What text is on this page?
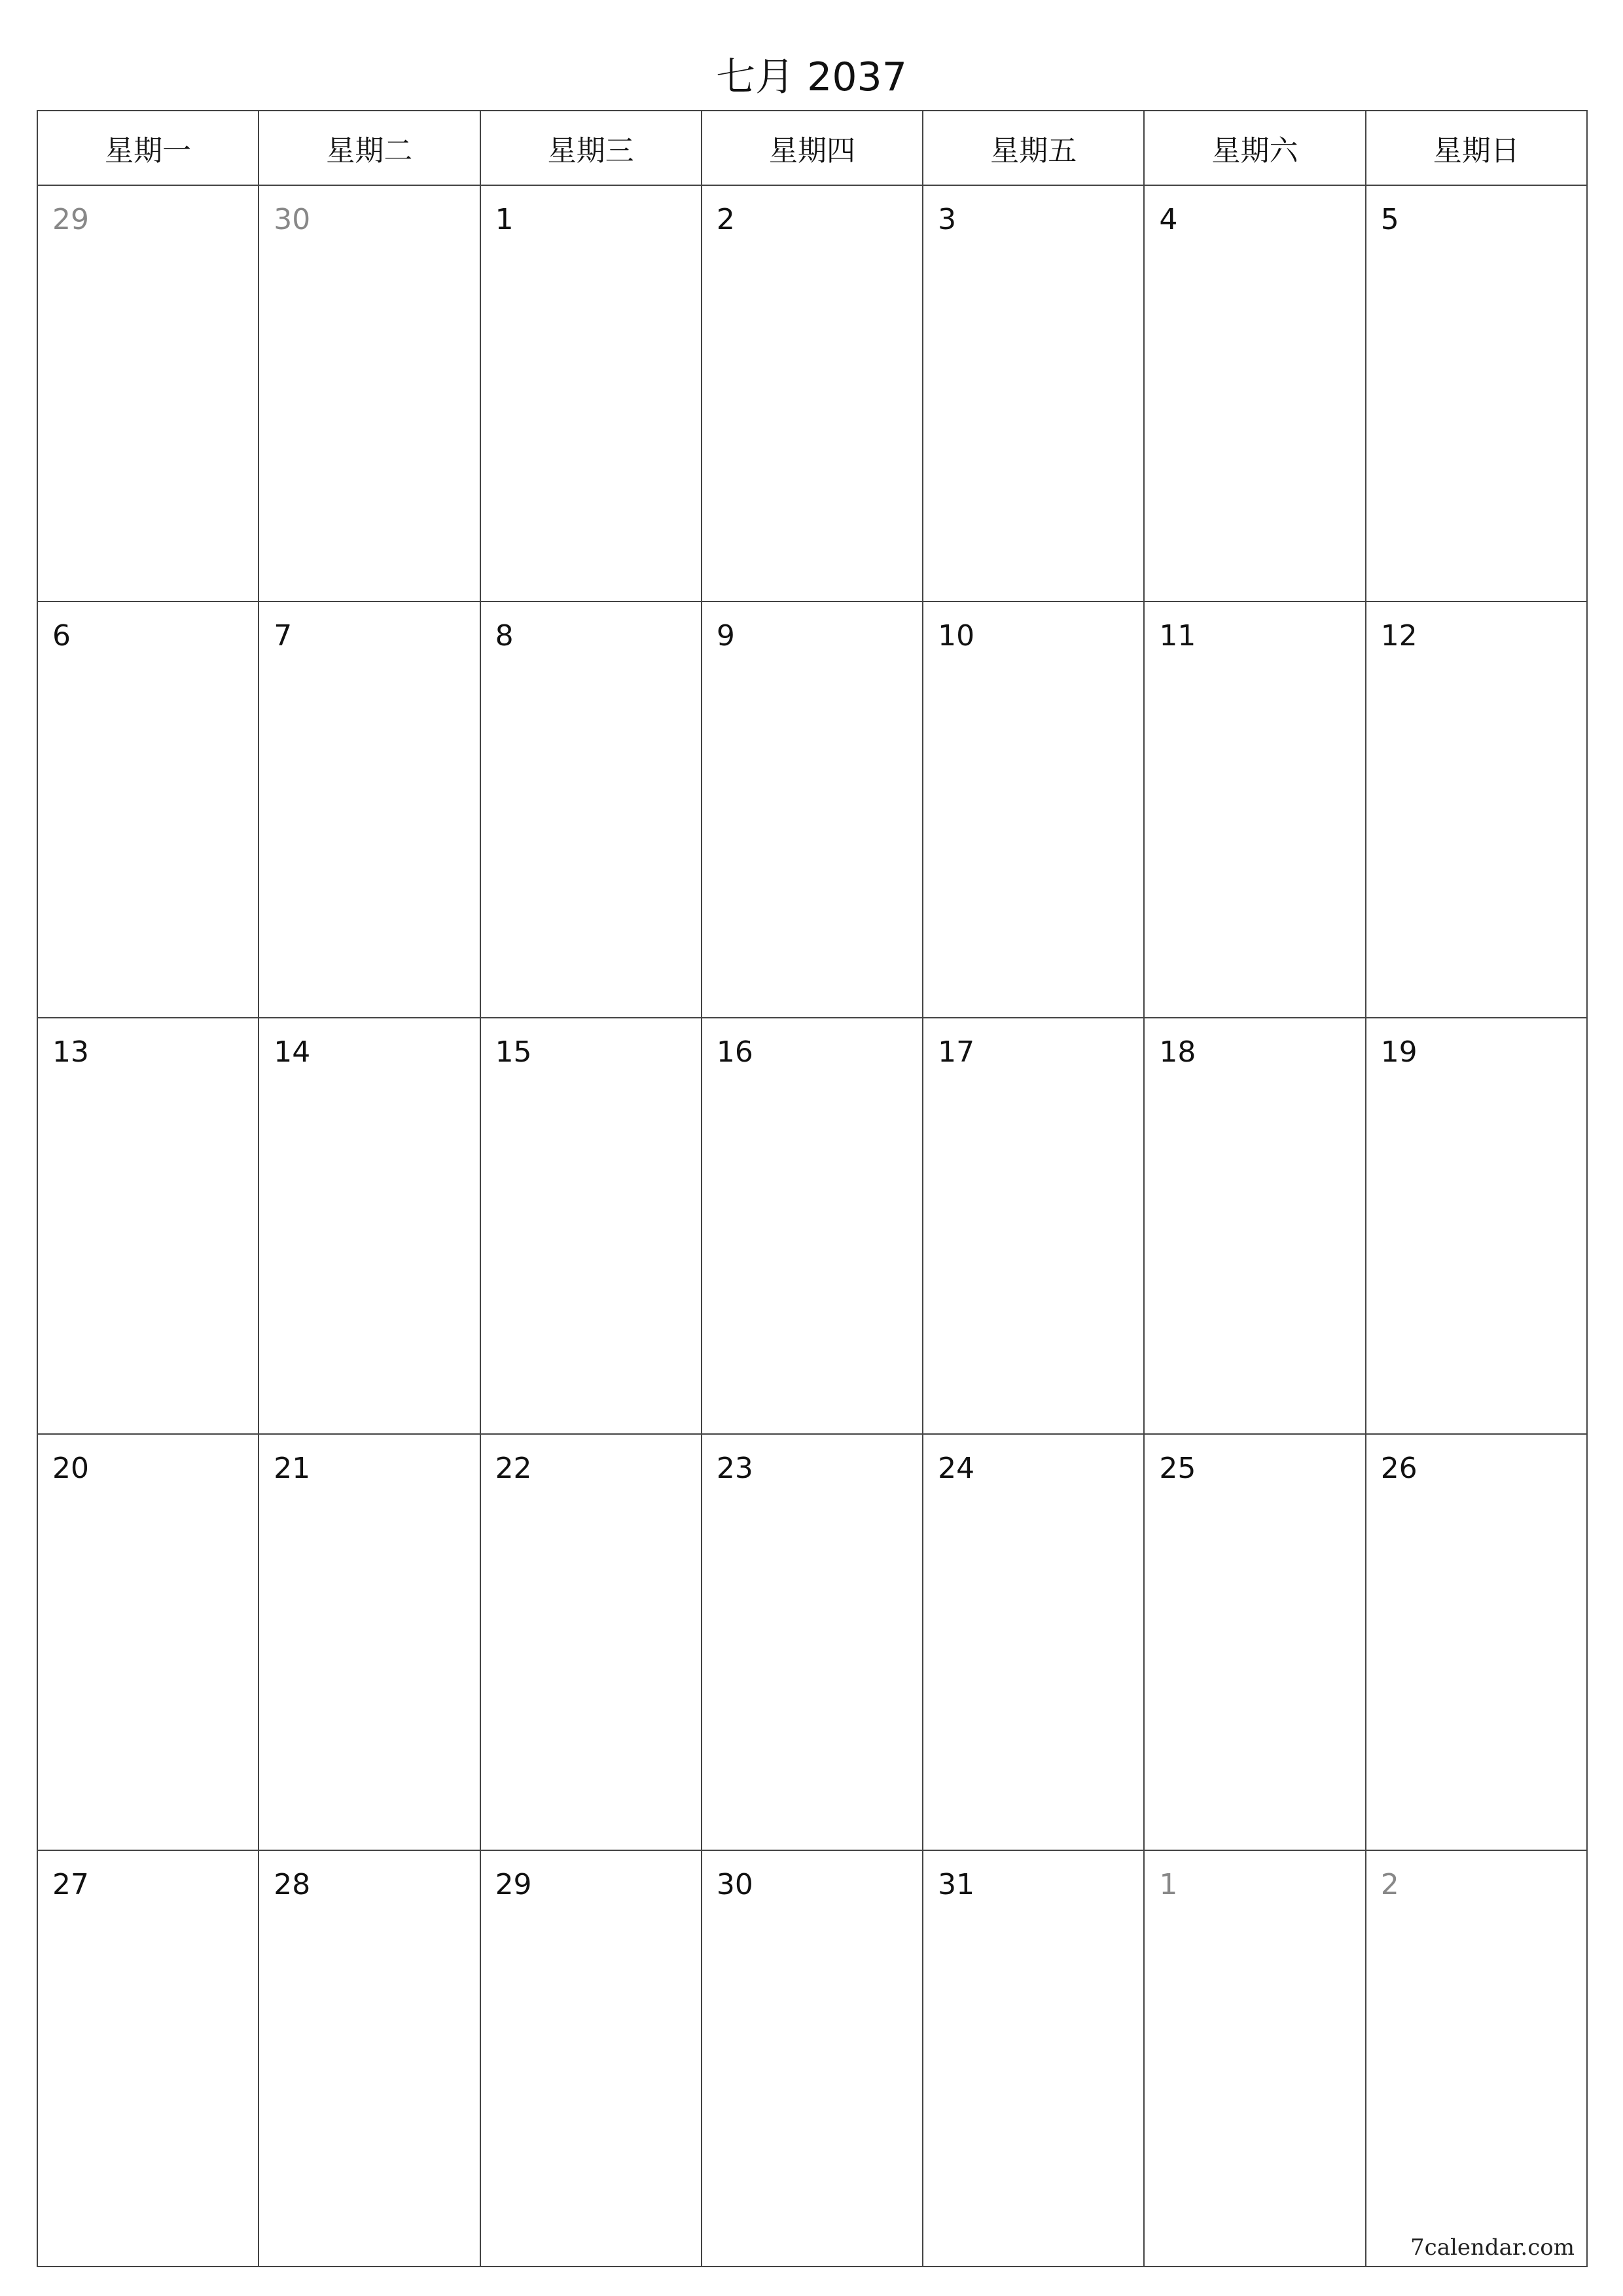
七月 2037
星期一	星期二	星期三	星期四	星期五	星期六	星期日

29	30	1	2	3	4	5

6	7	8	9	10	11	12

13	14	15	16	17	18	19

20	21	22	23	24	25	26

27	28	29	30	31	1	2
7calendar.com
